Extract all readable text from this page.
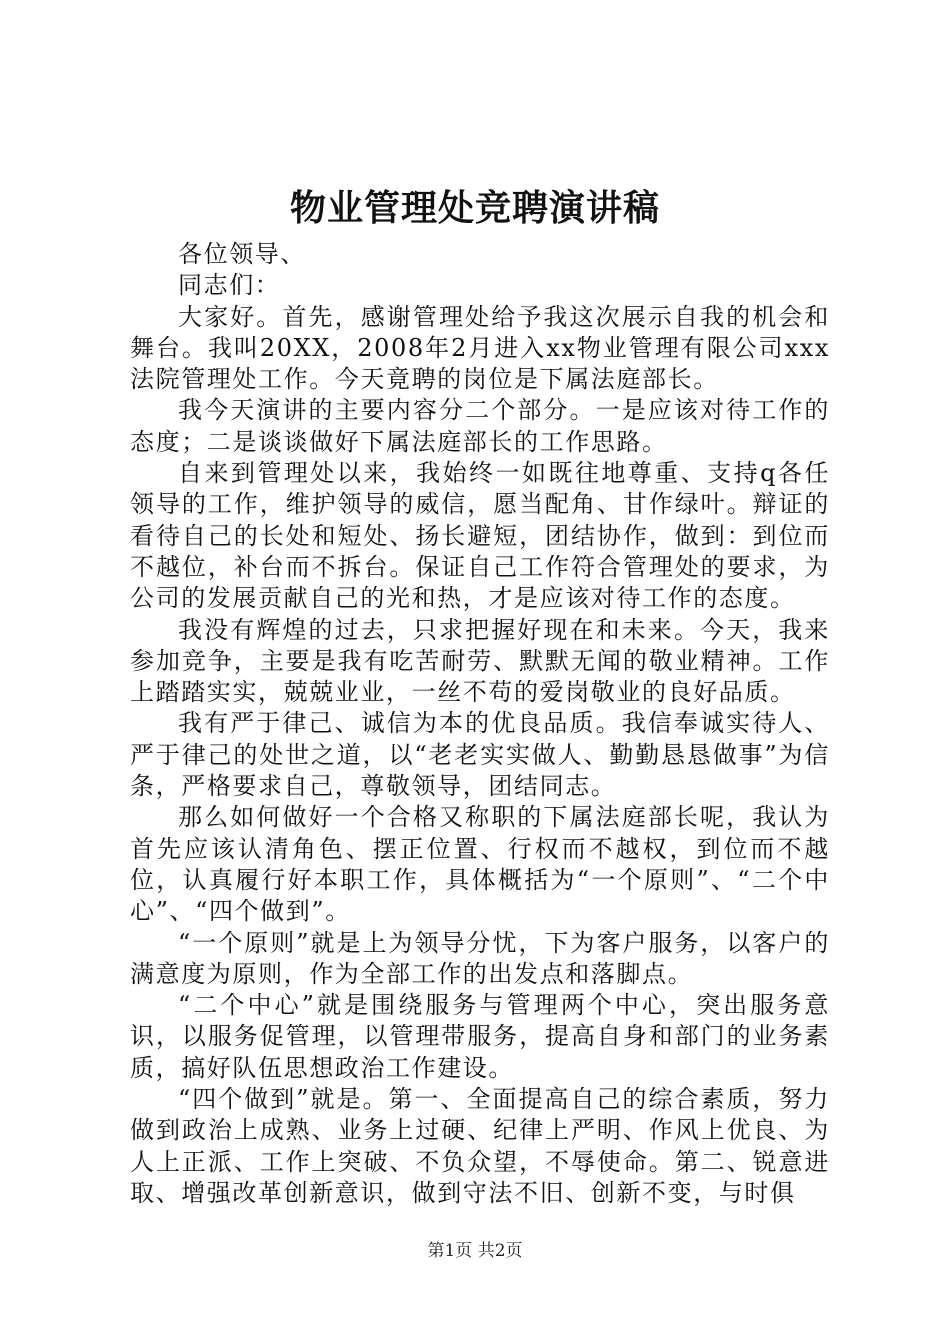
物业管理处竞聘演讲稿

各位领导、

同志们：

大家好。首先，感谢管理处给予我这次展示自我的机会和舞台。我叫20XX，2008年2月进入xx物业管理有限公司xxx法院管理处工作。今天竟聘的岗位是下属法庭部长。

我今天演讲的主要内容分二个部分。一是应该对待工作的态度；二是谈谈做好下属法庭部长的工作思路。

自来到管理处以来，我始终一如既往地尊重、支持q各任领导的工作，维护领导的威信，愿当配角、甘作绿叶。辩证的看待自己的长处和短处、扬长避短，团结协作，做到：到位而不越位，补台而不拆台。保证自己工作符合管理处的要求，为公司的发展贡献自己的光和热，才是应该对待工作的态度。

我没有辉煌的过去，只求把握好现在和未来。今天，我来参加竞争，主要是我有吃苦耐劳、默默无闻的敬业精神。工作上踏踏实实，兢兢业业，一丝不苟的爱岗敬业的良好品质。

我有严于律己、诚信为本的优良品质。我信奉诚实待人、严于律己的处世之道，以“老老实实做人、勤勤恳恳做事”为信条，严格要求自己，尊敬领导，团结同志。

那么如何做好一个合格又称职的下属法庭部长呢，我认为首先应该认清角色、摆正位置、行权而不越权，到位而不越位，认真履行好本职工作，具体概括为“一个原则”、“二个中心”、“四个做到”。

“一个原则”就是上为领导分忧，下为客户服务，以客户的满意度为原则，作为全部工作的出发点和落脚点。

“二个中心”就是围绕服务与管理两个中心，突出服务意识，以服务促管理，以管理带服务，提高自身和部门的业务素质，搞好队伍思想政治工作建设。

“四个做到”就是。第一、全面提高自己的综合素质，努力做到政治上成熟、业务上过硬、纪律上严明、作风上优良、为人上正派、工作上突破、不负众望，不辱使命。第二、锐意进取、增强改革创新意识，做到守法不旧、创新不变，与时俱

第1页 共2页
